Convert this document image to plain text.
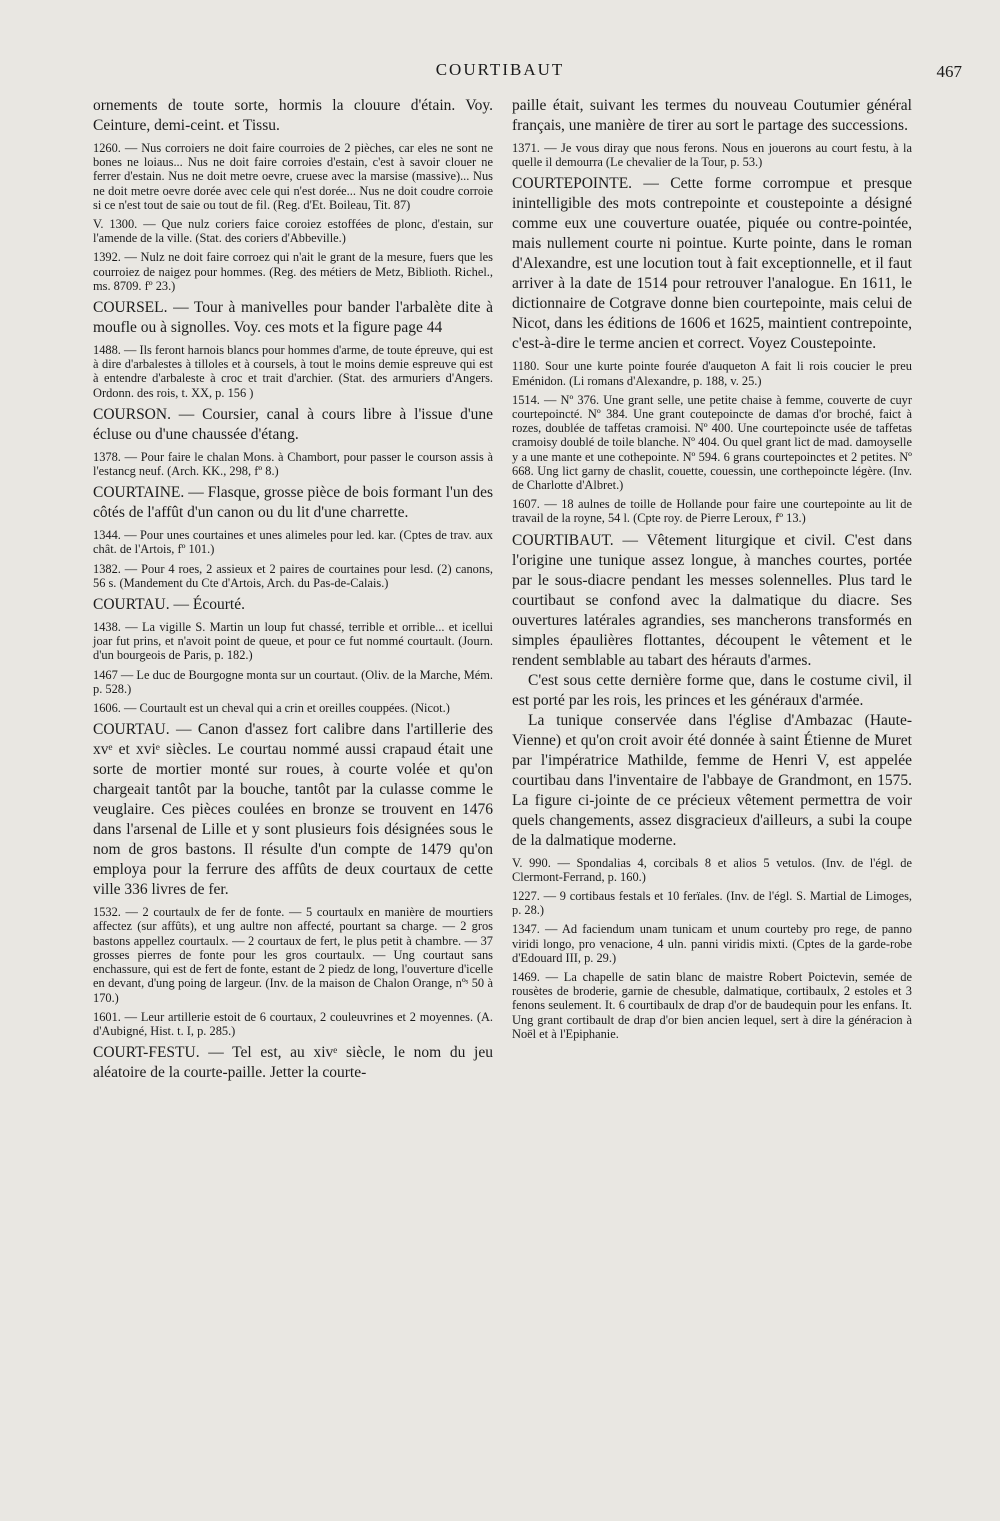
COURTIBAUT	467

ornements de toute sorte, hormis la clouure d'étain. Voy. Ceinture, demi-ceint. et Tissu.

1260. — Nus corroiers ne doit faire courroies de 2 pièches, car eles ne sont ne bones ne loiaus... Nus ne doit faire corroies d'estain, c'est à savoir clouer ne ferrer d'estain. Nus ne doit metre oevre, cruese avec la marsise (massive)... Nus ne doit metre oevre dorée avec cele qui n'est dorée... Nus ne doit coudre corroie si ce n'est tout de saie ou tout de fil. (Reg. d'Et. Boileau, Tit. 87)

V. 1300. — Que nulz coriers faice coroiez estoffées de plonc, d'estain, sur l'amende de la ville. (Stat. des coriers d'Abbeville.)

1392. — Nulz ne doit faire corroez qui n'ait le grant de la mesure, fuers que les courroiez de naigez pour hommes. (Reg. des métiers de Metz, Biblioth. Richel., ms. 8709. fº 23.)

COURSEL. — Tour à manivelles pour bander l'arbalète dite à moufle ou à signolles. Voy. ces mots et la figure page 44

1488. — Ils feront harnois blancs pour hommes d'arme, de toute épreuve, qui est à dire d'arbalestes à tilloles et à coursels, à tout le moins demie espreuve qui est à entendre d'arbaleste à croc et trait d'archier. (Stat. des armuriers d'Angers. Ordonn. des rois, t. XX, p. 156 )

COURSON. — Coursier, canal à cours libre à l'issue d'une écluse ou d'une chaussée d'étang.

1378. — Pour faire le chalan Mons. à Chambort, pour passer le courson assis à l'estancg neuf. (Arch. KK., 298, fº 8.)

COURTAINE. — Flasque, grosse pièce de bois formant l'un des côtés de l'affût d'un canon ou du lit d'une charrette.

1344. — Pour unes courtaines et unes alimeles pour led. kar. (Cptes de trav. aux chât. de l'Artois, fº 101.)

1382. — Pour 4 roes, 2 assieux et 2 paires de courtaines pour lesd. (2) canons, 56 s. (Mandement du Cte d'Artois, Arch. du Pas-de-Calais.)

COURTAU. — Écourté.

1438. — La vigille S. Martin un loup fut chassé, terrible et orrible... et icellui joar fut prins, et n'avoit point de queue, et pour ce fut nommé courtault. (Journ. d'un bourgeois de Paris, p. 182.)

1467 — Le duc de Bourgogne monta sur un courtaut. (Oliv. de la Marche, Mém. p. 528.)

1606. — Courtault est un cheval qui a crin et oreilles couppées. (Nicot.)

COURTAU. — Canon d'assez fort calibre dans l'artillerie des xvᵉ et xviᵉ siècles. Le courtau nommé aussi crapaud était une sorte de mortier monté sur roues, à courte volée et qu'on chargeait tantôt par la bouche, tantôt par la culasse comme le veuglaire. Ces pièces coulées en bronze se trouvent en 1476 dans l'arsenal de Lille et y sont plusieurs fois désignées sous le nom de gros bastons. Il résulte d'un compte de 1479 qu'on employa pour la ferrure des affûts de deux courtaux de cette ville 336 livres de fer.

1532. — 2 courtaulx de fer de fonte. — 5 courtaulx en manière de mourtiers affectez (sur affûts), et ung aultre non affecté, pourtant sa charge. — 2 gros bastons appellez courtaulx. — 2 courtaux de fert, le plus petit à chambre. — 37 grosses pierres de fonte pour les gros courtaulx. — Ung courtaut sans enchassure, qui est de fert de fonte, estant de 2 piedz de long, l'ouverture d'icelle en devant, d'ung poing de largeur. (Inv. de la maison de Chalon Orange, nºˢ 50 à 170.)

1601. — Leur artillerie estoit de 6 courtaux, 2 couleuvrines et 2 moyennes. (A. d'Aubigné, Hist. t. I, p. 285.)

COURT-FESTU. — Tel est, au xivᵉ siècle, le nom du jeu aléatoire de la courte-paille. Jetter la courte-

paille était, suivant les termes du nouveau Coutumier général français, une manière de tirer au sort le partage des successions.

1371. — Je vous diray que nous ferons. Nous en jouerons au court festu, à la quelle il demourra (Le chevalier de la Tour, p. 53.)

COURTEPOINTE. — Cette forme corrompue et presque inintelligible des mots contrepointe et coustepointe a désigné comme eux une couverture ouatée, piquée ou contre-pointée, mais nullement courte ni pointue. Kurte pointe, dans le roman d'Alexandre, est une locution tout à fait exceptionnelle, et il faut arriver à la date de 1514 pour retrouver l'analogue. En 1611, le dictionnaire de Cotgrave donne bien courtepointe, mais celui de Nicot, dans les éditions de 1606 et 1625, maintient contrepointe, c'est-à-dire le terme ancien et correct. Voyez Coustepointe.

1180. Sour une kurte pointe fourée d'auqueton A fait li rois coucier le preu Eménidon. (Li romans d'Alexandre, p. 188, v. 25.)

1514. — Nº 376. Une grant selle, une petite chaise à femme, couverte de cuyr courtepoincté. Nº 384. Une grant coutepoincte de damas d'or broché, faict à rozes, doublée de taffetas cramoisi. Nº 400. Une courtepoincte usée de taffetas cramoisy doublé de toile blanche. Nº 404. Ou quel grant lict de mad. damoyselle y a une mante et une cothepointe. Nº 594. 6 grans courtepoinctes et 2 petites. Nº 668. Ung lict garny de chaslit, couette, couessin, une corthepoincte légère. (Inv. de Charlotte d'Albret.)

1607. — 18 aulnes de toille de Hollande pour faire une courtepointe au lit de travail de la royne, 54 l. (Cpte roy. de Pierre Leroux, fº 13.)

COURTIBAUT. — Vêtement liturgique et civil. C'est dans l'origine une tunique assez longue, à manches courtes, portée par le sous-diacre pendant les messes solennelles. Plus tard le courtibaut se confond avec la dalmatique du diacre. Ses ouvertures latérales agrandies, ses mancherons transformés en simples épaulières flottantes, découpent le vêtement et le rendent semblable au tabart des hérauts d'armes.

C'est sous cette dernière forme que, dans le costume civil, il est porté par les rois, les princes et les généraux d'armée.

La tunique conservée dans l'église d'Ambazac (Haute-Vienne) et qu'on croit avoir été donnée à saint Étienne de Muret par l'impératrice Mathilde, femme de Henri V, est appelée courtibau dans l'inventaire de l'abbaye de Grandmont, en 1575. La figure ci-jointe de ce précieux vêtement permettra de voir quels changements, assez disgracieux d'ailleurs, a subi la coupe de la dalmatique moderne.

V. 990. — Spondalias 4, corcibals 8 et alios 5 vetulos. (Inv. de l'égl. de Clermont-Ferrand, p. 160.)

1227. — 9 cortibaus festals et 10 ferïales. (Inv. de l'égl. S. Martial de Limoges, p. 28.)

1347. — Ad faciendum unam tunicam et unum courteby pro rege, de panno viridi longo, pro venacione, 4 uln. panni viridis mixti. (Cptes de la garde-robe d'Edouard III, p. 29.)

1469. — La chapelle de satin blanc de maistre Robert Poictevin, semée de rousètes de broderie, garnie de chesuble, dalmatique, cortibaulx, 2 estoles et 3 fenons seulement. It. 6 courtibaulx de drap d'or de baudequin pour les enfans. It. Ung grant cortibault de drap d'or bien ancien lequel, sert à dire la généracion à Noël et à l'Epiphanie.
